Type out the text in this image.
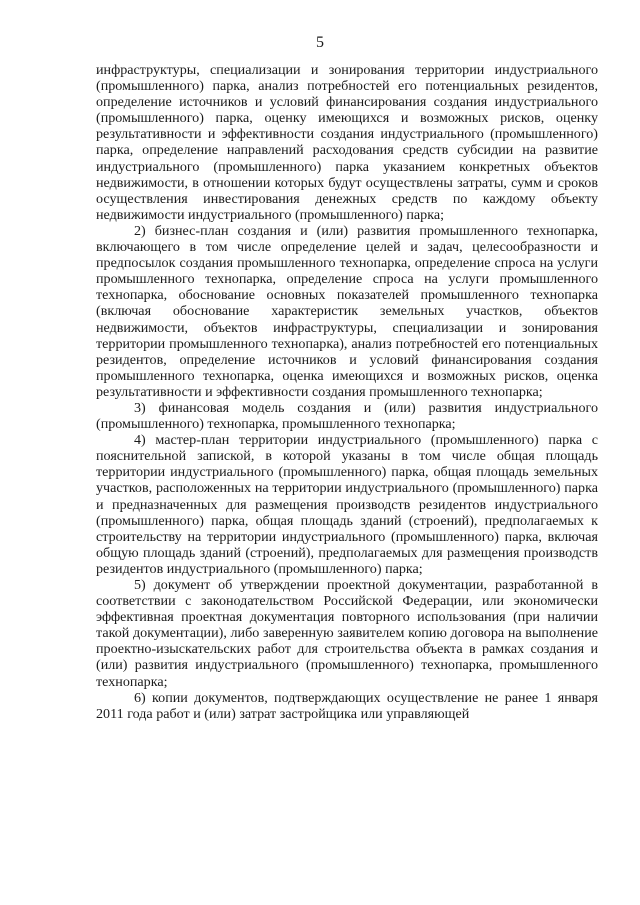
5

инфраструктуры, специализации и зонирования территории индустриального (промышленного) парка, анализ потребностей его потенциальных резидентов, определение источников и условий финансирования создания индустриального (промышленного) парка, оценку имеющихся и возможных рисков, оценку результативности и эффективности создания индустриального (промышленного) парка, определение направлений расходования средств субсидии на развитие индустриального (промышленного) парка указанием конкретных объектов недвижимости, в отношении которых будут осуществлены затраты, сумм и сроков осуществления инвестирования денежных средств по каждому объекту недвижимости индустриального (промышленного) парка;

2) бизнес-план создания и (или) развития промышленного технопарка, включающего в том числе определение целей и задач, целесообразности и предпосылок создания промышленного технопарка, определение спроса на услуги промышленного технопарка, определение спроса на услуги промышленного технопарка, обоснование основных показателей промышленного технопарка (включая обоснование характеристик земельных участков, объектов недвижимости, объектов инфраструктуры, специализации и зонирования территории промышленного технопарка), анализ потребностей его потенциальных резидентов, определение источников и условий финансирования создания промышленного технопарка, оценка имеющихся и возможных рисков, оценка результативности и эффективности создания промышленного технопарка;

3) финансовая модель создания и (или) развития индустриального (промышленного) технопарка, промышленного технопарка;

4) мастер-план территории индустриального (промышленного) парка с пояснительной запиской, в которой указаны в том числе общая площадь территории индустриального (промышленного) парка, общая площадь земельных участков, расположенных на территории индустриального (промышленного) парка и предназначенных для размещения производств резидентов индустриального (промышленного) парка, общая площадь зданий (строений), предполагаемых к строительству на территории индустриального (промышленного) парка, включая общую площадь зданий (строений), предполагаемых для размещения производств резидентов индустриального (промышленного) парка;

5) документ об утверждении проектной документации, разработанной в соответствии с законодательством Российской Федерации, или экономически эффективная проектная документация повторного использования (при наличии такой документации), либо заверенную заявителем копию договора на выполнение проектно-изыскательских работ для строительства объекта в рамках создания и (или) развития индустриального (промышленного) технопарка, промышленного технопарка;

6) копии документов, подтверждающих осуществление не ранее 1 января 2011 года работ и (или) затрат застройщика или управляющей
